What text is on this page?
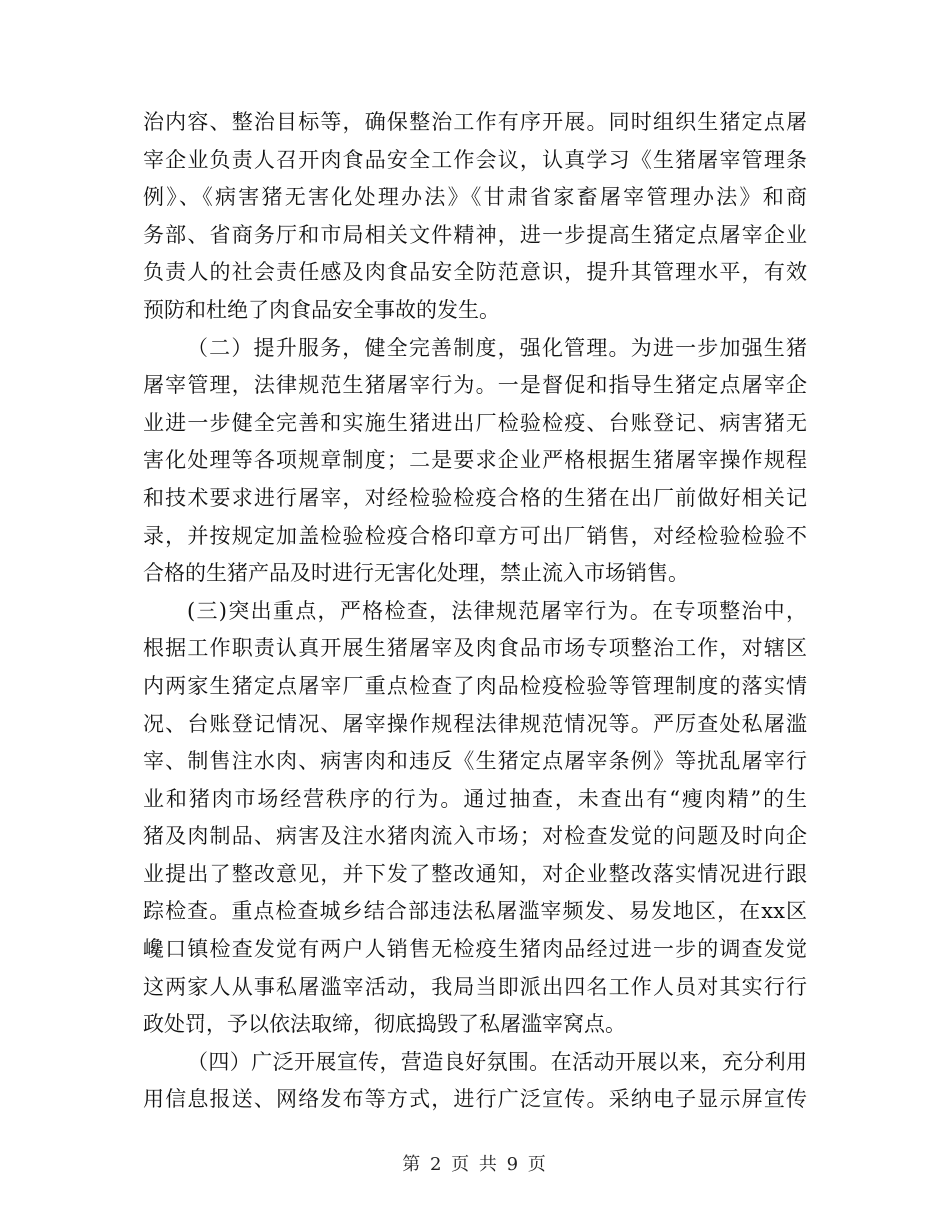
治内容、整治目标等，确保整治工作有序开展。同时组织生猪定点屠
宰企业负责人召开肉食品安全工作会议，认真学习《生猪屠宰管理条
例》、《病害猪无害化处理办法》《甘肃省家畜屠宰管理办法》和商
务部、省商务厅和市局相关文件精神，进一步提高生猪定点屠宰企业
负责人的社会责任感及肉食品安全防范意识，提升其管理水平，有效
预防和杜绝了肉食品安全事故的发生。
（二）提升服务，健全完善制度，强化管理。为进一步加强生猪
屠宰管理，法律规范生猪屠宰行为。一是督促和指导生猪定点屠宰企
业进一步健全完善和实施生猪进出厂检验检疫、台账登记、病害猪无
害化处理等各项规章制度；二是要求企业严格根据生猪屠宰操作规程
和技术要求进行屠宰，对经检验检疫合格的生猪在出厂前做好相关记
录，并按规定加盖检验检疫合格印章方可出厂销售，对经检验检验不
合格的生猪产品及时进行无害化处理，禁止流入市场销售。
(三)突出重点，严格检查，法律规范屠宰行为。在专项整治中，
根据工作职责认真开展生猪屠宰及肉食品市场专项整治工作，对辖区
内两家生猪定点屠宰厂重点检查了肉品检疫检验等管理制度的落实情
况、台账登记情况、屠宰操作规程法律规范情况等。严厉查处私屠滥
宰、制售注水肉、病害肉和违反《生猪定点屠宰条例》等扰乱屠宰行
业和猪肉市场经营秩序的行为。通过抽查，未查出有“瘦肉精”的生
猪及肉制品、病害及注水猪肉流入市场；对检查发觉的问题及时向企
业提出了整改意见，并下发了整改通知，对企业整改落实情况进行跟
踪检查。重点检查城乡结合部违法私屠滥宰频发、易发地区，在xx区
巉口镇检查发觉有两户人销售无检疫生猪肉品经过进一步的调查发觉
这两家人从事私屠滥宰活动，我局当即派出四名工作人员对其实行行
政处罚，予以依法取缔，彻底捣毁了私屠滥宰窝点。
（四）广泛开展宣传，营造良好氛围。在活动开展以来，充分利用
用信息报送、网络发布等方式，进行广泛宣传。采纳电子显示屏宣传
第 2 页 共 9 页
